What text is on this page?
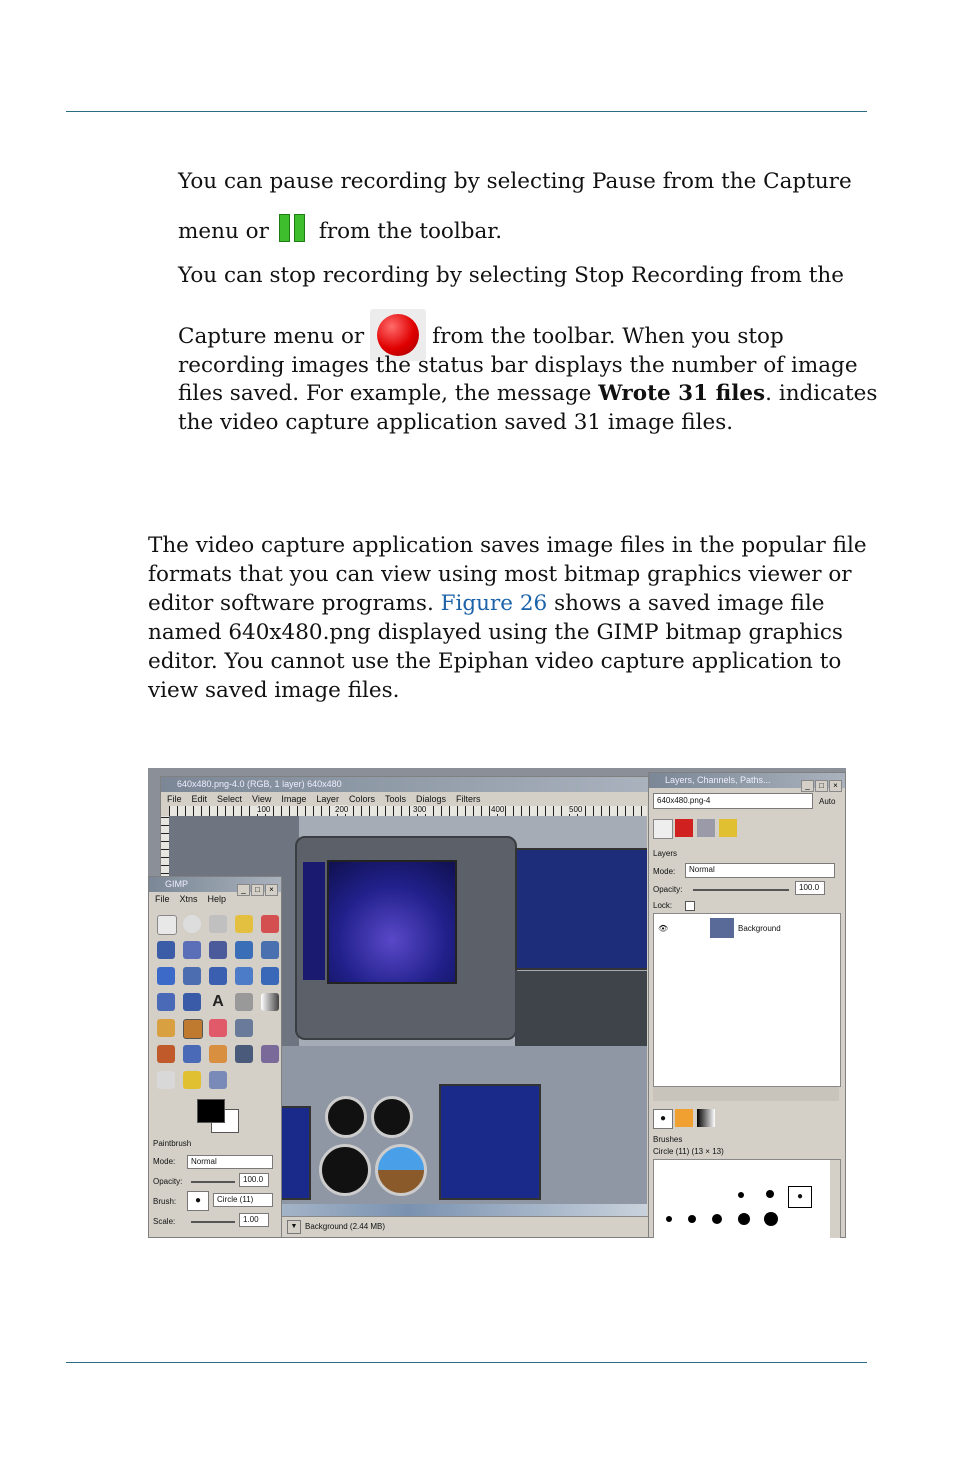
You can pause recording by selecting Pause from the Capture

menu or from the toolbar.

You can stop recording by selecting Stop Recording from the

Capture menu or	from the toolbar. When you stop

recording images the status bar displays the number of image

files saved. For example, the message Wrote 31 files. indicates

the video capture application saved 31 image files.

The video capture application saves image files in the popular file

formats that you can view using most bitmap graphics viewer or

editor software programs. Figure 26 shows a saved image file

named 640x480.png displayed using the GIMP bitmap graphics

editor. You cannot use the Epiphan video capture application to

view saved image files.

640x480.png-4.0 (RGB, 1 layer) 640x480
File Edit Select View Image Layer Colors Tools Dialogs Filters
100	200	300	400	500
▼ Background (2.44 MB)
GIMP
_ □ ×
File Xtns Help
A
Paintbrush
Mode:	Normal
Opacity:	100.0
Brush:	●	Circle (11)
Scale:	1.00
Layers, Channels, Paths...
_ □ ×
640x480.png-4	Auto
Layers
Mode:	Normal
Opacity:	100.0
Lock:
👁	Background
●
Brushes
Circle (11) (13 × 13)
●
